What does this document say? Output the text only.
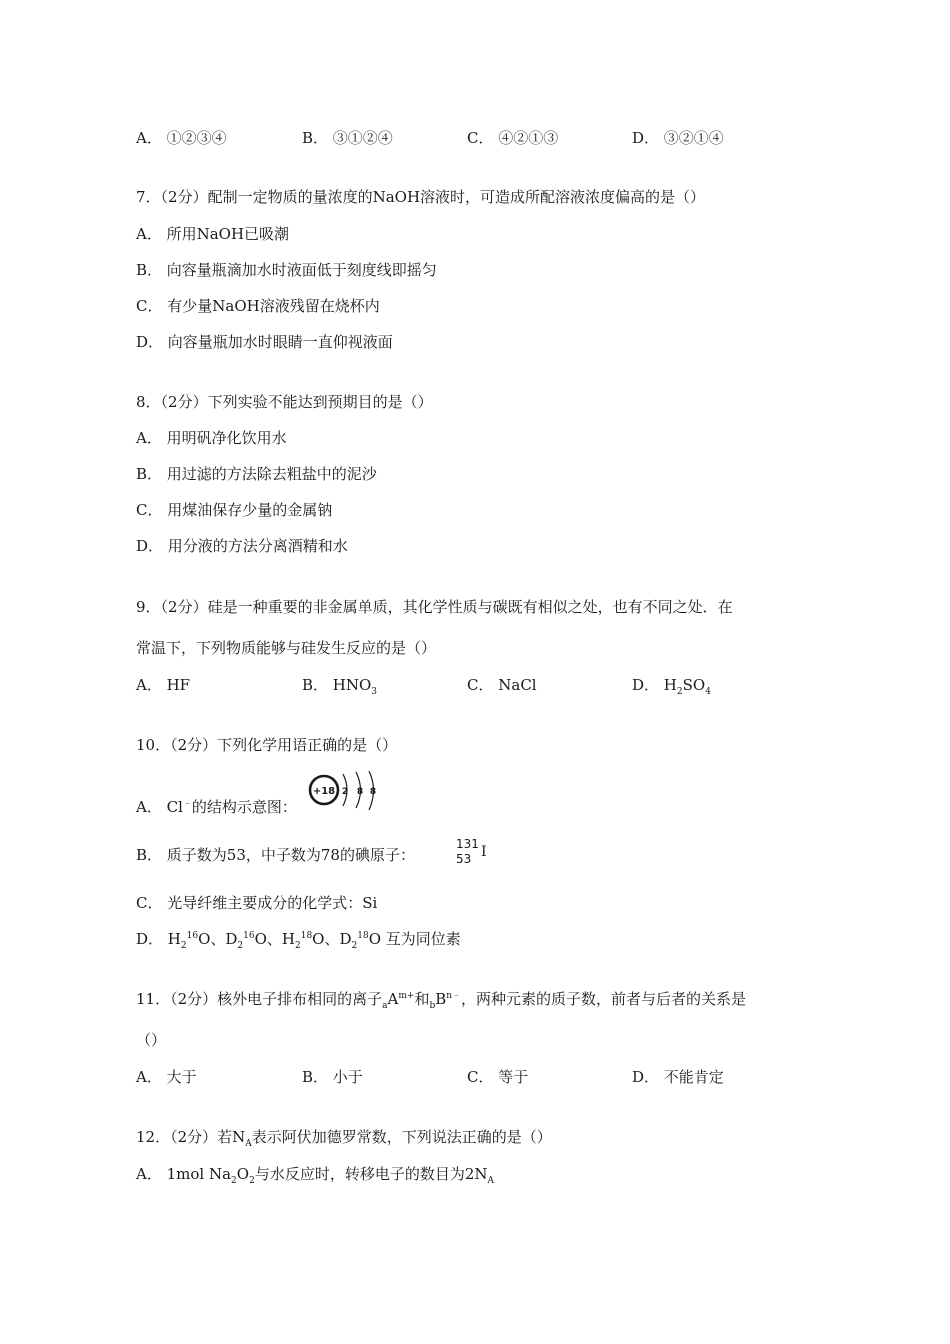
A． ①②③④	B． ③①②④	C． ④②①③	D． ③②①④
7．（2分）配制一定物质的量浓度的NaOH溶液时，可造成所配溶液浓度偏高的是（）
A． 所用NaOH已吸潮
B． 向容量瓶滴加水时液面低于刻度线即摇匀
C． 有少量NaOH溶液残留在烧杯内
D． 向容量瓶加水时眼睛一直仰视液面
8．（2分）下列实验不能达到预期目的是（）
A． 用明矾净化饮用水
B． 用过滤的方法除去粗盐中的泥沙
C． 用煤油保存少量的金属钠
D． 用分液的方法分离酒精和水
9．（2分）硅是一种重要的非金属单质，其化学性质与碳既有相似之处，也有不同之处．在
常温下，下列物质能够与硅发生反应的是（）
A． HF	B． $HNO_3$	C． NaCl	D． $H_2SO_4$
10．（2分）下列化学用语正确的是（）
A． Cl﹣的结构示意图：
+18 2 8 8
B． 质子数为53，中子数为78的碘原子：
131
53 I
C． 光导纤维主要成分的化学式：Si
D． $H_2^{16}O$、$D_2^{16}O$、$H_2^{18}O$、$D_2^{18}O$ 互为同位素
11．（2分）核外电子排布相同的离子$_aA^{m+}$和$_bB^{n﹣}$，两种元素的质子数，前者与后者的关系是
（）
A． 大于	B． 小于	C． 等于	D． 不能肯定
12．（2分）若$N_A$表示阿伏加德罗常数，下列说法正确的是（）
A． 1mol $Na_2O_2$与水反应时，转移电子的数目为$2N_A$
